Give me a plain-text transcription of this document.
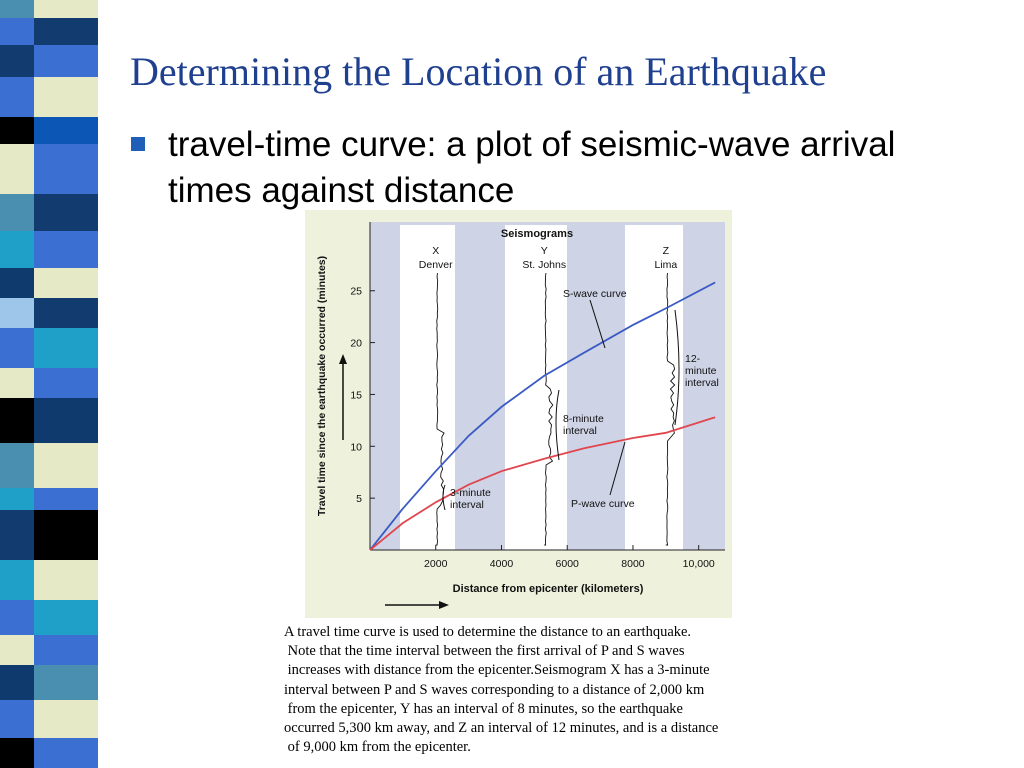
Determining the Location of an Earthquake
travel-time curve: a plot of seismic-wave arrival times against distance
Seismograms
X
Denver
Y
St. Johns
Z
Lima
2000	4000	6000	8000	10,000
5
10
15
20
25
Distance from epicenter (kilometers)
Travel time since the earthquake occurred (minutes)	S-wave curve
P-wave curve
3-minute
interval
8-minute
interval
12-
minute
interval
A travel time curve is used to determine the distance to an earthquake.
Note that the time interval between the first arrival of P and S waves
increases with distance from the epicenter.Seismogram X has a 3-minute
interval between P and S waves corresponding to a distance of 2,000 km
from the epicenter, Y has an interval of 8 minutes, so the earthquake
occurred 5,300 km away, and Z an interval of 12 minutes, and is a distance
of 9,000 km from the epicenter.
